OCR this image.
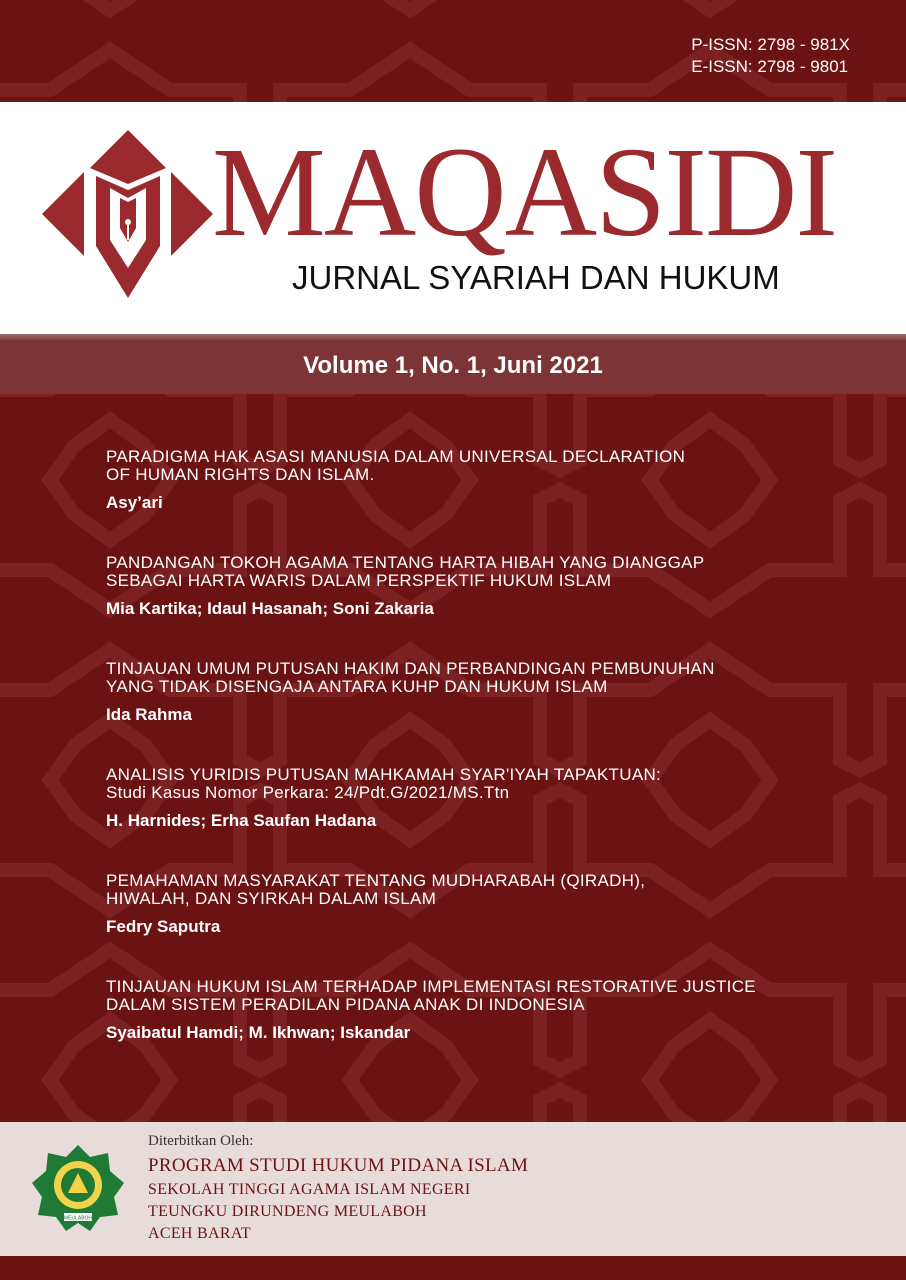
P-ISSN: 2798 - 981X
E-ISSN: 2798 - 9801
MAQASIDI
JURNAL SYARIAH DAN HUKUM
Volume 1, No. 1, Juni 2021
PARADIGMA HAK ASASI MANUSIA DALAM UNIVERSAL DECLARATION
OF HUMAN RIGHTS DAN ISLAM.
Asy’ari
PANDANGAN TOKOH AGAMA TENTANG HARTA HIBAH YANG DIANGGAP
SEBAGAI HARTA WARIS DALAM PERSPEKTIF HUKUM ISLAM
Mia Kartika; Idaul Hasanah; Soni Zakaria
TINJAUAN UMUM PUTUSAN HAKIM DAN PERBANDINGAN PEMBUNUHAN
YANG TIDAK DISENGAJA ANTARA KUHP DAN HUKUM ISLAM
Ida Rahma
ANALISIS YURIDIS PUTUSAN MAHKAMAH SYAR'IYAH TAPAKTUAN:
Studi Kasus Nomor Perkara: 24/Pdt.G/2021/MS.Ttn
H. Harnides; Erha Saufan Hadana
PEMAHAMAN MASYARAKAT TENTANG MUDHARABAH (QIRADH),
HIWALAH, DAN SYIRKAH DALAM ISLAM
Fedry Saputra
TINJAUAN HUKUM ISLAM TERHADAP IMPLEMENTASI RESTORATIVE JUSTICE
DALAM SISTEM PERADILAN PIDANA ANAK DI INDONESIA
Syaibatul Hamdi; M. Ikhwan; Iskandar
MEULABOH
Diterbitkan Oleh:
PROGRAM STUDI HUKUM PIDANA ISLAM
SEKOLAH TINGGI AGAMA ISLAM NEGERI
TEUNGKU DIRUNDENG MEULABOH
ACEH BARAT
